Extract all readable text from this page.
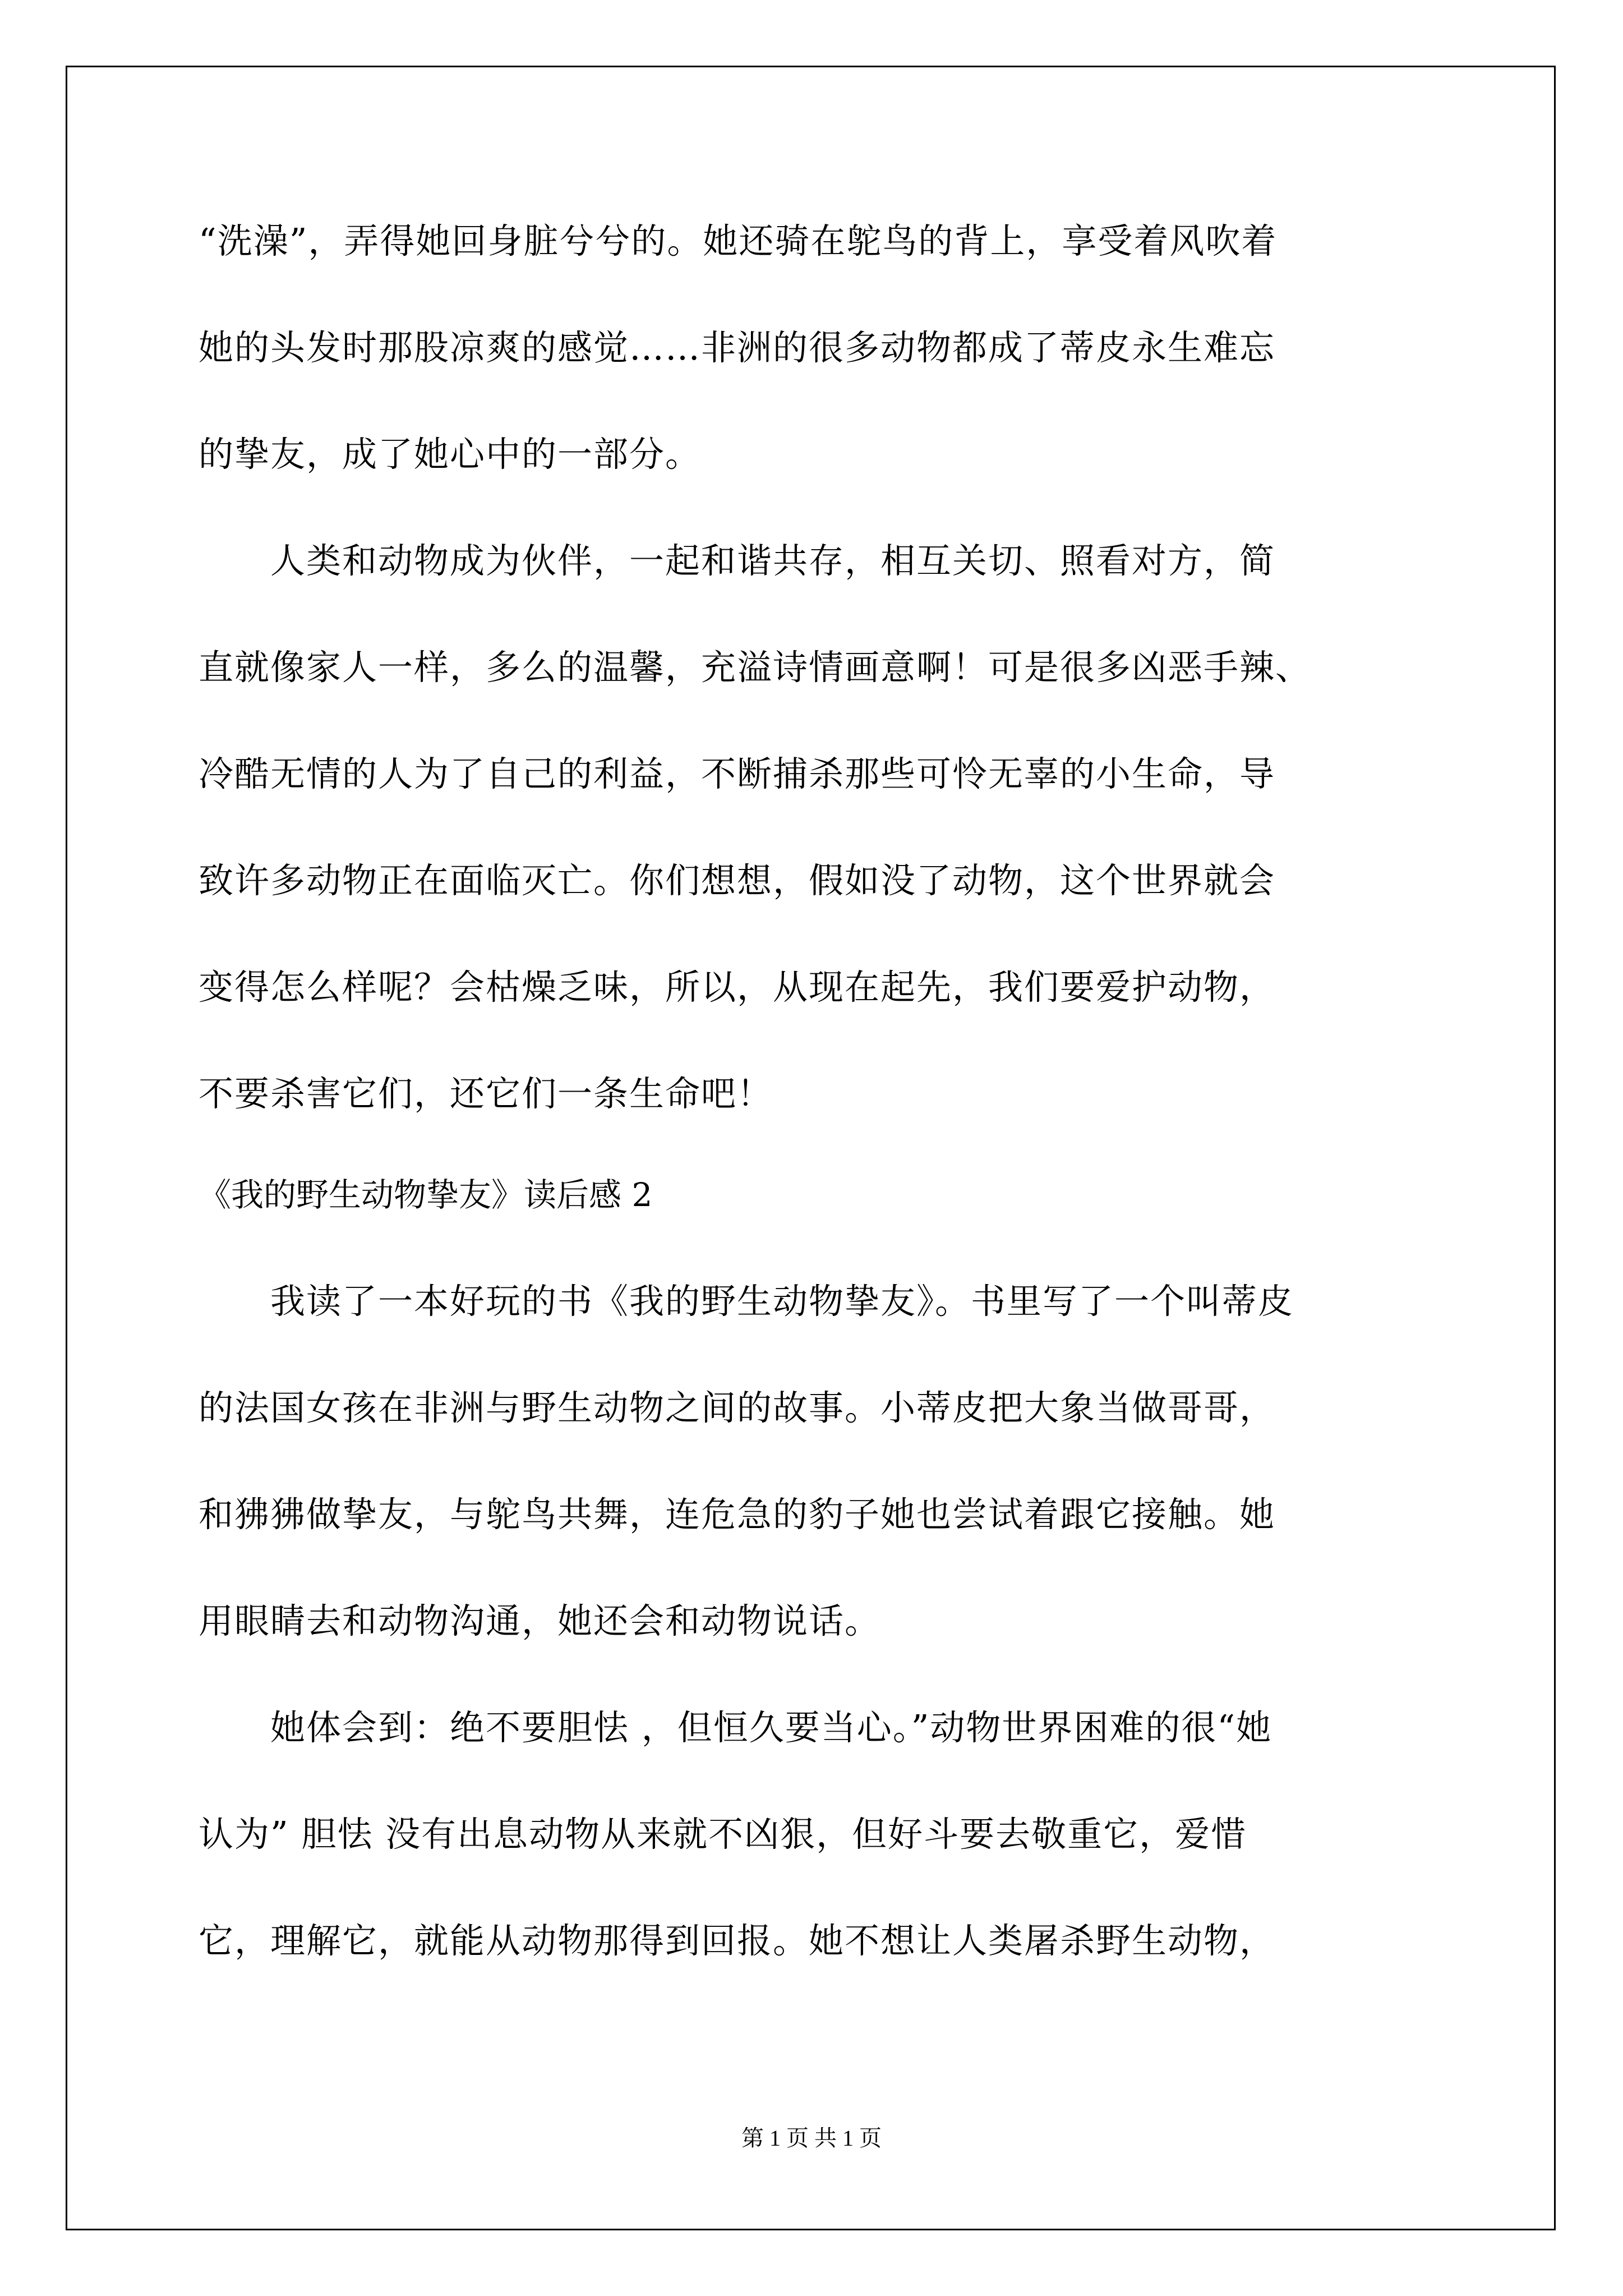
“洗澡”，弄得她回身脏兮兮的。她还骑在鸵鸟的背上，享受着风吹着
她的头发时那股凉爽的感觉……非洲的很多动物都成了蒂皮永生难忘
的挚友，成了她心中的一部分。
　　人类和动物成为伙伴，一起和谐共存，相互关切、照看对方，简
直就像家人一样，多么的温馨，充溢诗情画意啊！可是很多凶恶手辣、
冷酷无情的人为了自己的利益，不断捕杀那些可怜无辜的小生命，导
致许多动物正在面临灭亡。你们想想，假如没了动物，这个世界就会
变得怎么样呢？会枯燥乏味，所以，从现在起先，我们要爱护动物，
不要杀害它们，还它们一条生命吧！
《我的野生动物挚友》读后感 2
　　我读了一本好玩的书《我的野生动物挚友》。书里写了一个叫蒂皮
的法国女孩在非洲与野生动物之间的故事。小蒂皮把大象当做哥哥，
和狒狒做挚友，与鸵鸟共舞，连危急的豹子她也尝试着跟它接触。她
用眼睛去和动物沟通，她还会和动物说话。
　　她体会到：绝不要胆怯 ，但恒久要当心。”动物世界困难的很“她
认为” 胆怯 没有出息动物从来就不凶狠，但好斗要去敬重它，爱惜
它，理解它，就能从动物那得到回报。她不想让人类屠杀野生动物，
第 1 页 共 1 页
